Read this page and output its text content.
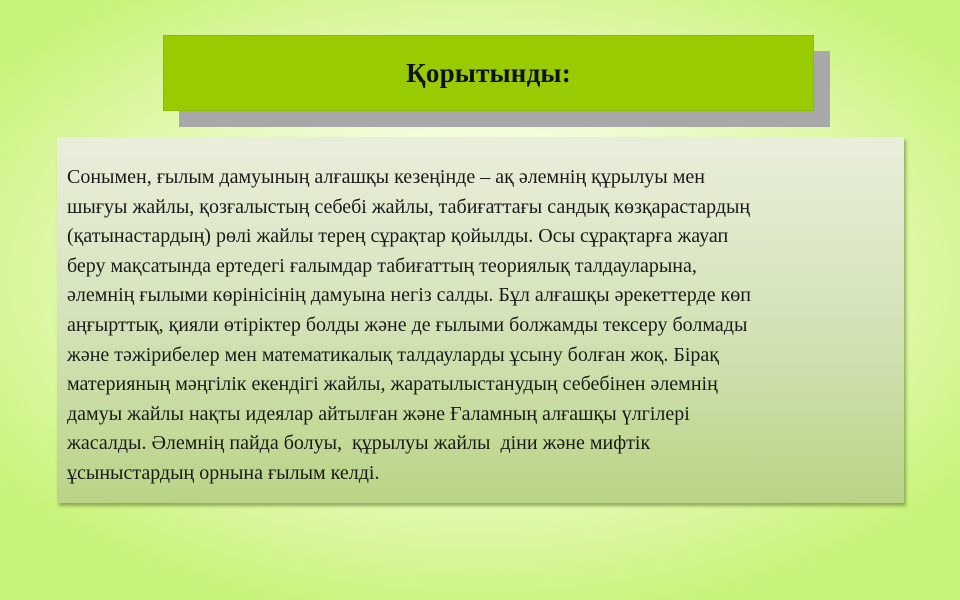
Қорытынды:

Сонымен, ғылым дамуының алғашқы кезеңінде – ақ әлемнің құрылуы мен
шығуы жайлы, қозғалыстың себебі жайлы, табиғаттағы сандық көзқарастардың
(қатынастардың) рөлі жайлы терең сұрақтар қойылды. Осы сұрақтарға жауап
беру мақсатында ертедегі ғалымдар табиғаттың теориялық талдауларына,
әлемнің ғылыми көрінісінің дамуына негіз салды. Бұл алғашқы әрекеттерде көп
аңғырттық, қияли өтіріктер болды және де ғылыми болжамды тексеру болмады
және тәжірибелер мен математикалық талдауларды ұсыну болған жоқ. Бірақ
материяның мәңгілік екендігі жайлы, жаратылыстанудың себебінен әлемнің
дамуы жайлы нақты идеялар айтылған және Ғаламның алғашқы үлгілері
жасалды. Әлемнің пайда болуы,  құрылуы жайлы  діни және мифтік
ұсыныстардың орнына ғылым келді.
